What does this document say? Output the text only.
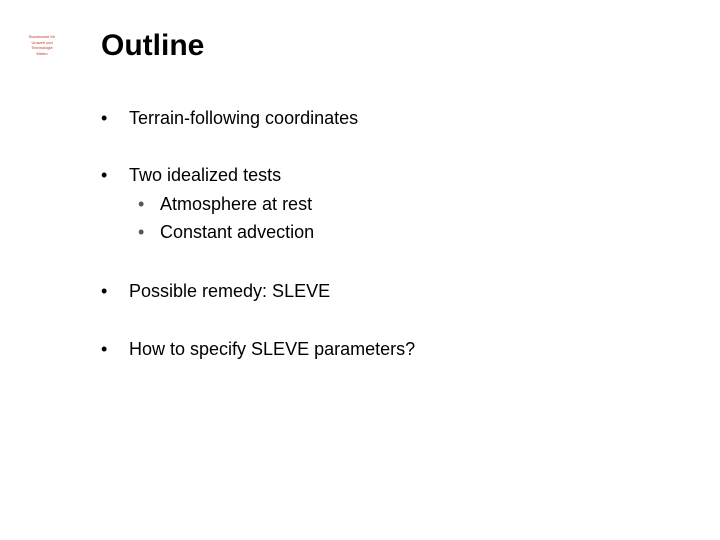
Bundesamt für
Umwelt und
Technologie
Meteo	Outline
• Terrain-following coordinates
• Two idealized tests
• Atmosphere at rest
• Constant advection
• Possible remedy: SLEVE
• How to specify SLEVE parameters?
